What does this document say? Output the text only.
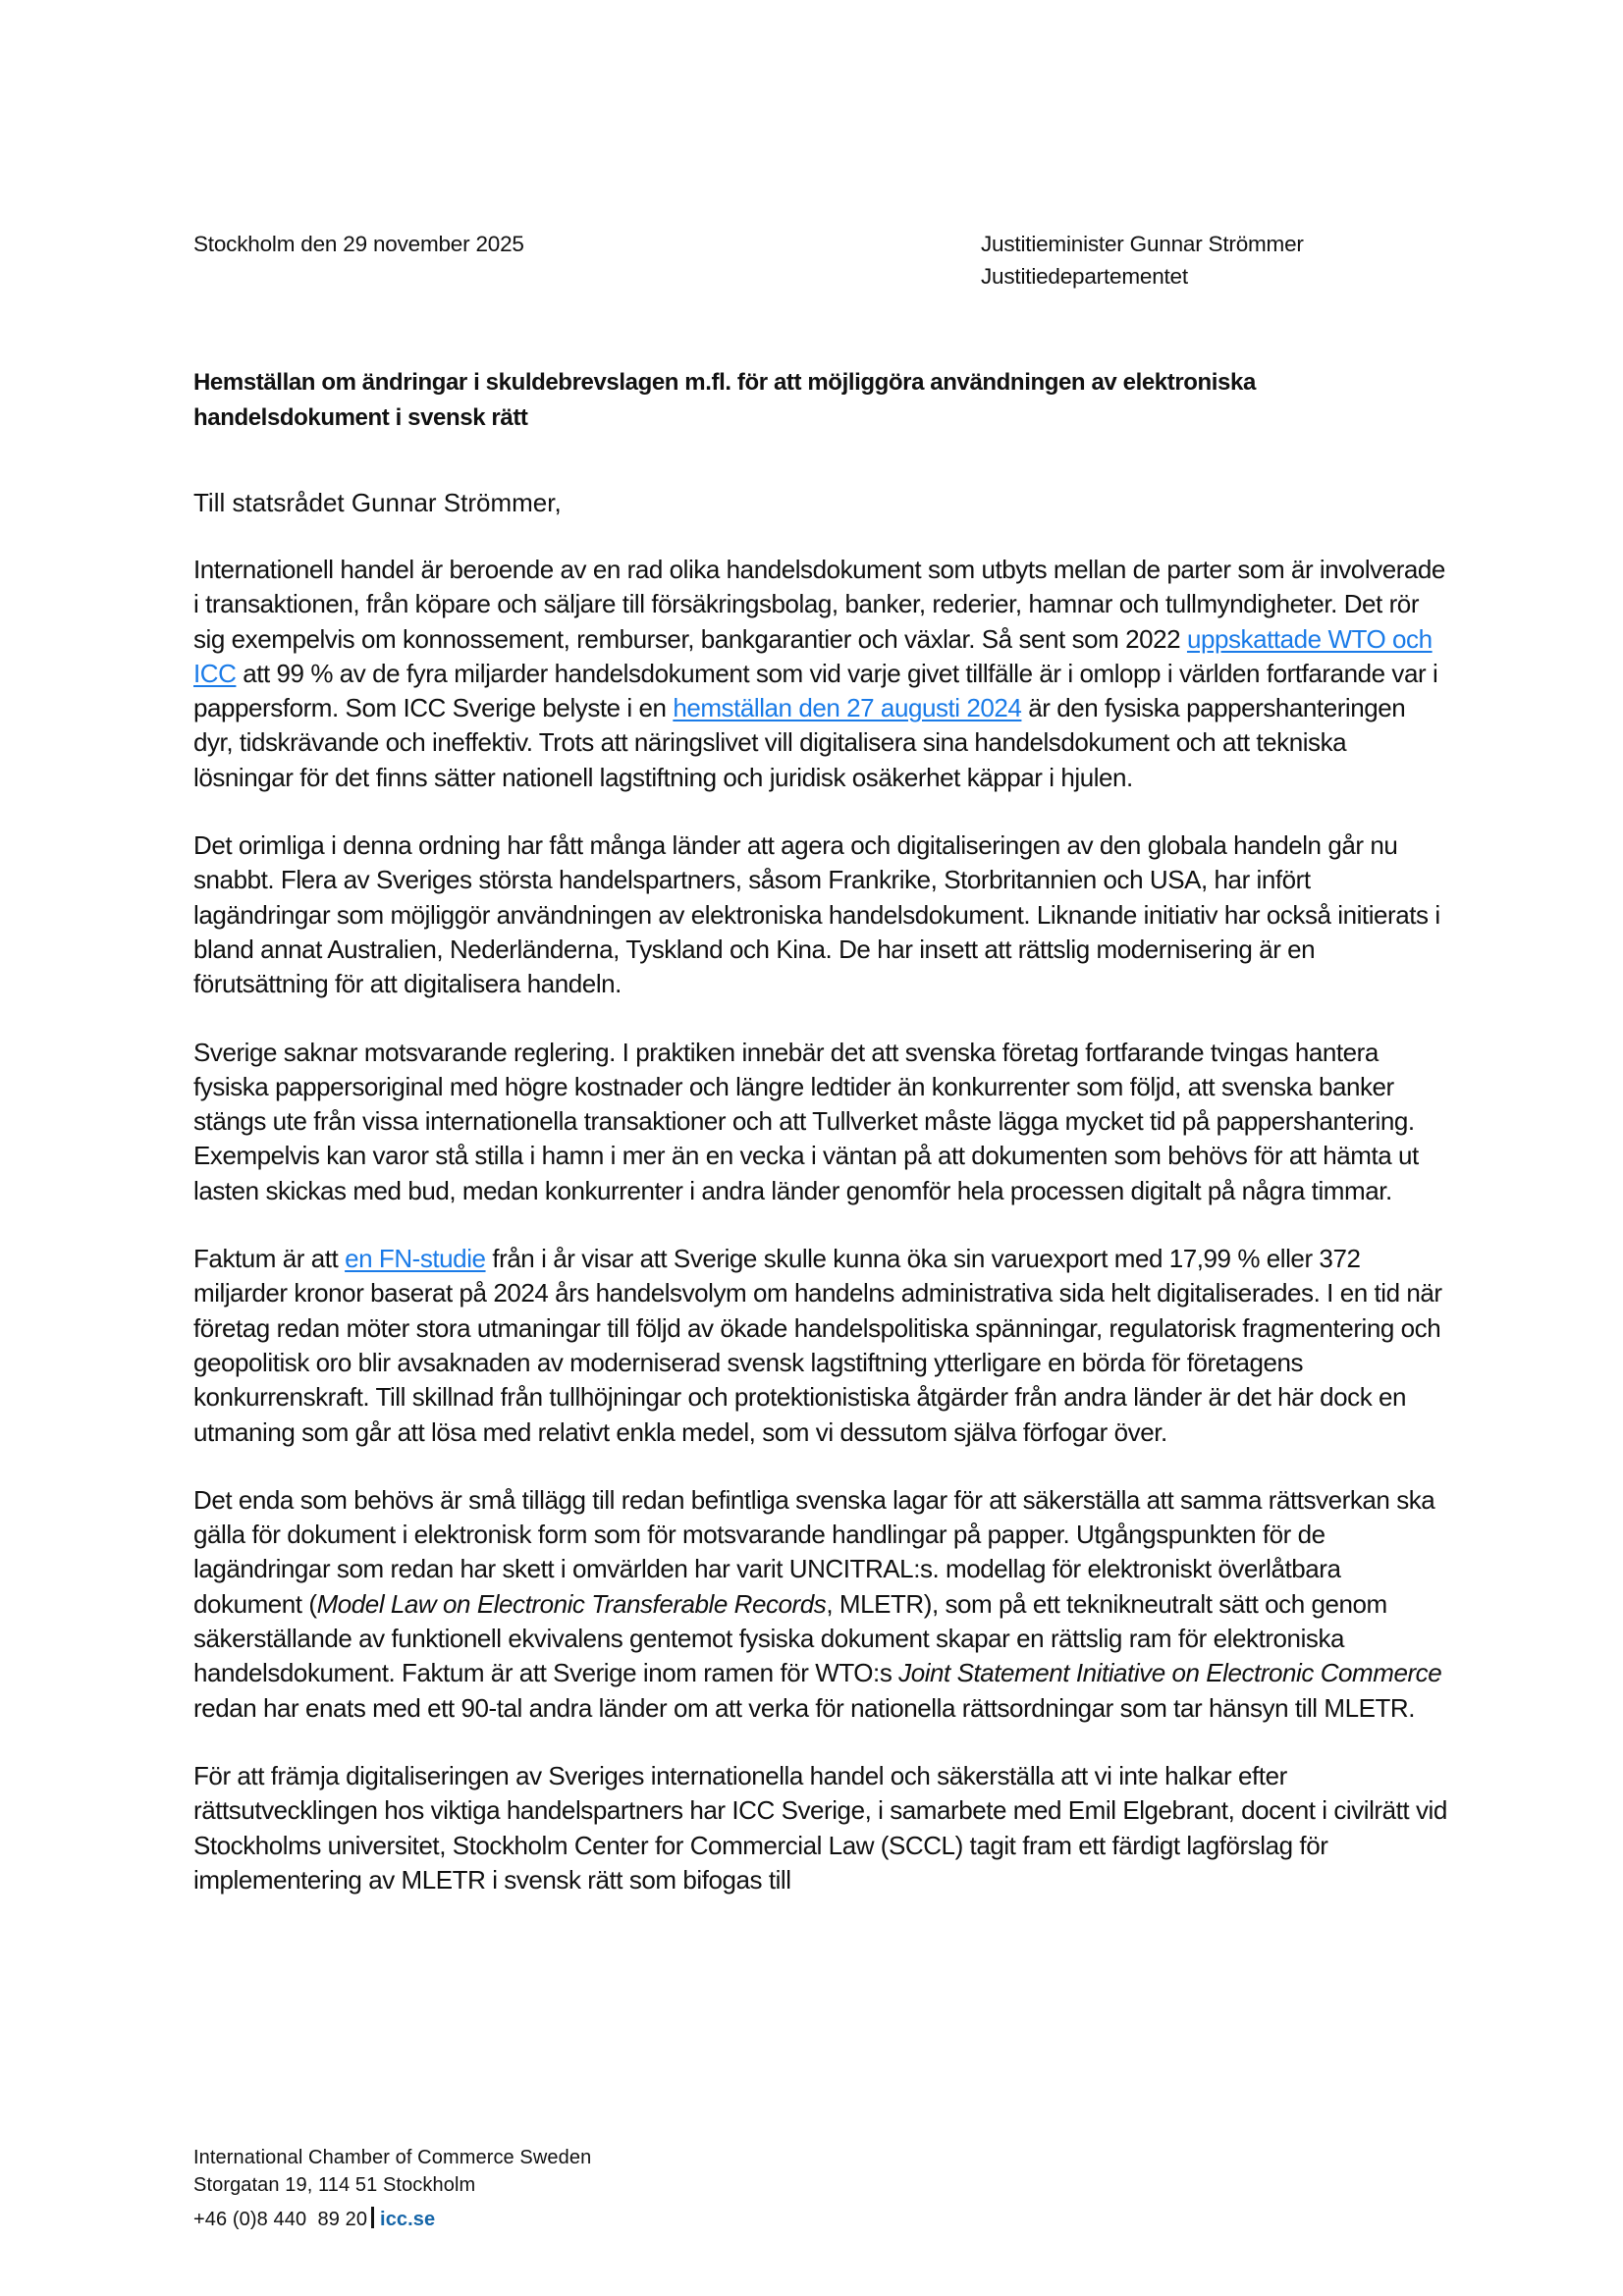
Stockholm den 29 november 2025	Justitieminister Gunnar Strömmer
Justitiedepartementet
Hemställan om ändringar i skuldebrevslagen m.fl. för att möjliggöra användningen av elektroniska handelsdokument i svensk rätt
Till statsrådet Gunnar Strömmer,

Internationell handel är beroende av en rad olika handelsdokument som utbyts mellan de parter som är involverade i transaktionen, från köpare och säljare till försäkringsbolag, banker, rederier, hamnar och tullmyndigheter. Det rör sig exempelvis om konnossement, remburser, bankgarantier och växlar. Så sent som 2022 uppskattade WTO och ICC att 99 % av de fyra miljarder handelsdokument som vid varje givet tillfälle är i omlopp i världen fortfarande var i pappersform. Som ICC Sverige belyste i en hemställan den 27 augusti 2024 är den fysiska pappershanteringen dyr, tidskrävande och ineffektiv. Trots att näringslivet vill digitalisera sina handelsdokument och att tekniska lösningar för det finns sätter nationell lagstiftning och juridisk osäkerhet käppar i hjulen.

Det orimliga i denna ordning har fått många länder att agera och digitaliseringen av den globala handeln går nu snabbt. Flera av Sveriges största handelspartners, såsom Frankrike, Storbritannien och USA, har infört lagändringar som möjliggör användningen av elektroniska handelsdokument. Liknande initiativ har också initierats i bland annat Australien, Nederländerna, Tyskland och Kina. De har insett att rättslig modernisering är en förutsättning för att digitalisera handeln.

Sverige saknar motsvarande reglering. I praktiken innebär det att svenska företag fortfarande tvingas hantera fysiska pappersoriginal med högre kostnader och längre ledtider än konkurrenter som följd, att svenska banker stängs ute från vissa internationella transaktioner och att Tullverket måste lägga mycket tid på pappershantering. Exempelvis kan varor stå stilla i hamn i mer än en vecka i väntan på att dokumenten som behövs för att hämta ut lasten skickas med bud, medan konkurrenter i andra länder genomför hela processen digitalt på några timmar.

Faktum är att en FN-studie från i år visar att Sverige skulle kunna öka sin varuexport med 17,99 % eller 372 miljarder kronor baserat på 2024 års handelsvolym om handelns administrativa sida helt digitaliserades. I en tid när företag redan möter stora utmaningar till följd av ökade handelspolitiska spänningar, regulatorisk fragmentering och geopolitisk oro blir avsaknaden av moderniserad svensk lagstiftning ytterligare en börda för företagens konkurrenskraft. Till skillnad från tullhöjningar och protektionistiska åtgärder från andra länder är det här dock en utmaning som går att lösa med relativt enkla medel, som vi dessutom själva förfogar över.

Det enda som behövs är små tillägg till redan befintliga svenska lagar för att säkerställa att samma rättsverkan ska gälla för dokument i elektronisk form som för motsvarande handlingar på papper. Utgångspunkten för de lagändringar som redan har skett i omvärlden har varit UNCITRAL:s. modellag för elektroniskt överlåtbara dokument (Model Law on Electronic Transferable Records, MLETR), som på ett teknikneutralt sätt och genom säkerställande av funktionell ekvivalens gentemot fysiska dokument skapar en rättslig ram för elektroniska handelsdokument. Faktum är att Sverige inom ramen för WTO:s Joint Statement Initiative on Electronic Commerce redan har enats med ett 90-tal andra länder om att verka för nationella rättsordningar som tar hänsyn till MLETR.

För att främja digitaliseringen av Sveriges internationella handel och säkerställa att vi inte halkar efter rättsutvecklingen hos viktiga handelspartners har ICC Sverige, i samarbete med Emil Elgebrant, docent i civilrätt vid Stockholms universitet, Stockholm Center for Commercial Law (SCCL) tagit fram ett färdigt lagförslag för implementering av MLETR i svensk rätt som bifogas till

International Chamber of Commerce Sweden
Storgatan 19, 114 51 Stockholm
+46 (0)8 440  89 20 icc.se
